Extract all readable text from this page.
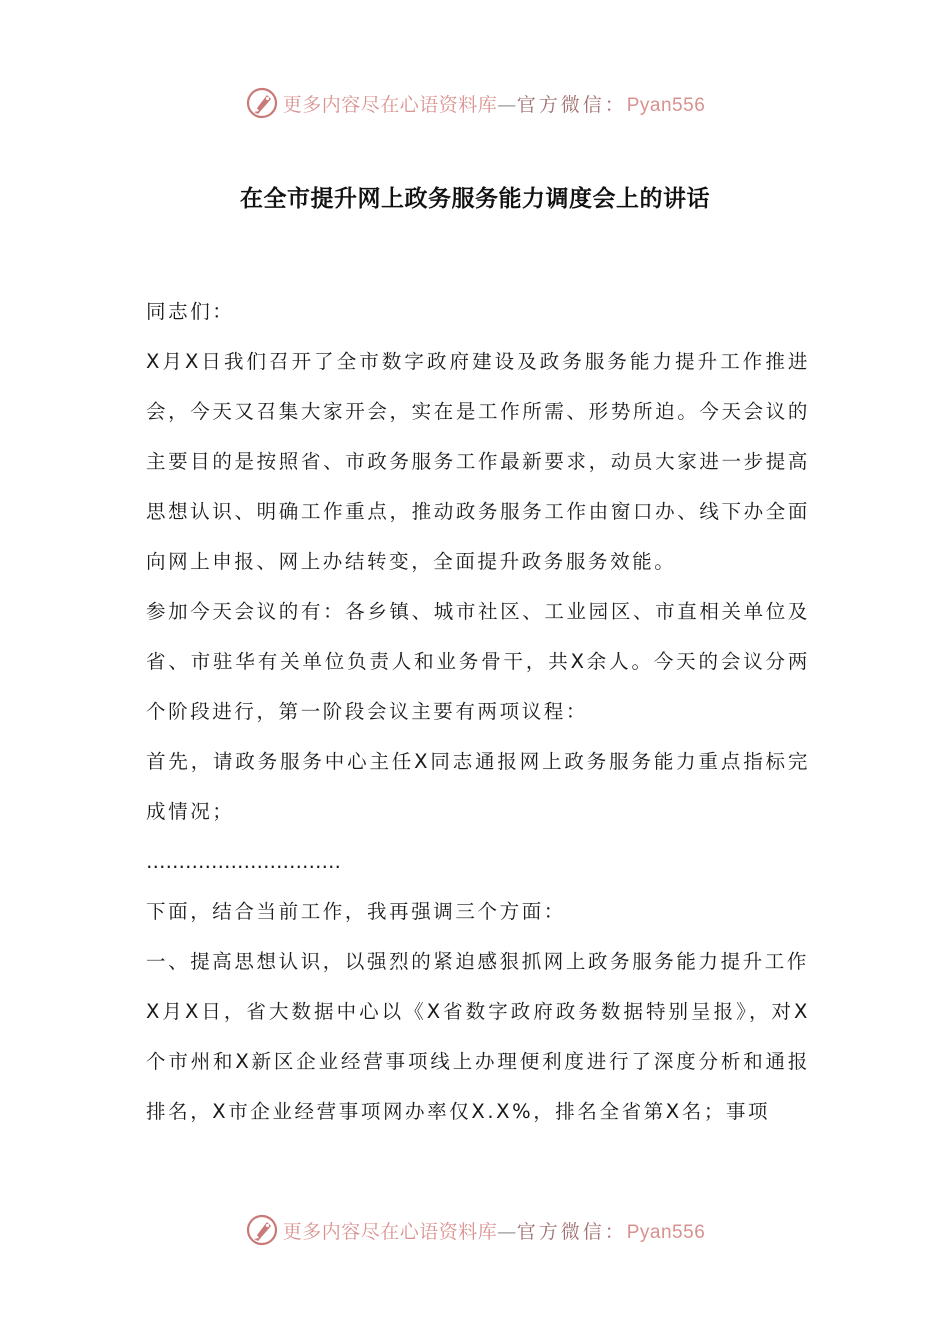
更多内容尽在心语资料库—官方微信：Pyan556
在全市提升网上政务服务能力调度会上的讲话

同志们：

X月X日我们召开了全市数字政府建设及政务服务能力提升工作推进会，今天又召集大家开会，实在是工作所需、形势所迫。今天会议的主要目的是按照省、市政务服务工作最新要求，动员大家进一步提高思想认识、明确工作重点，推动政务服务工作由窗口办、线下办全面向网上申报、网上办结转变，全面提升政务服务效能。

参加今天会议的有：各乡镇、城市社区、工业园区、市直相关单位及省、市驻华有关单位负责人和业务骨干，共X余人。今天的会议分两个阶段进行，第一阶段会议主要有两项议程：

首先，请政务服务中心主任X同志通报网上政务服务能力重点指标完成情况；

…………………………

下面，结合当前工作，我再强调三个方面：

一、提高思想认识，以强烈的紧迫感狠抓网上政务服务能力提升工作

X月X日，省大数据中心以《X省数字政府政务数据特别呈报》，对X个市州和X新区企业经营事项线上办理便利度进行了深度分析和通报排名，X市企业经营事项网办率仅X.X%，排名全省第X名；事项

更多内容尽在心语资料库—官方微信：Pyan556
